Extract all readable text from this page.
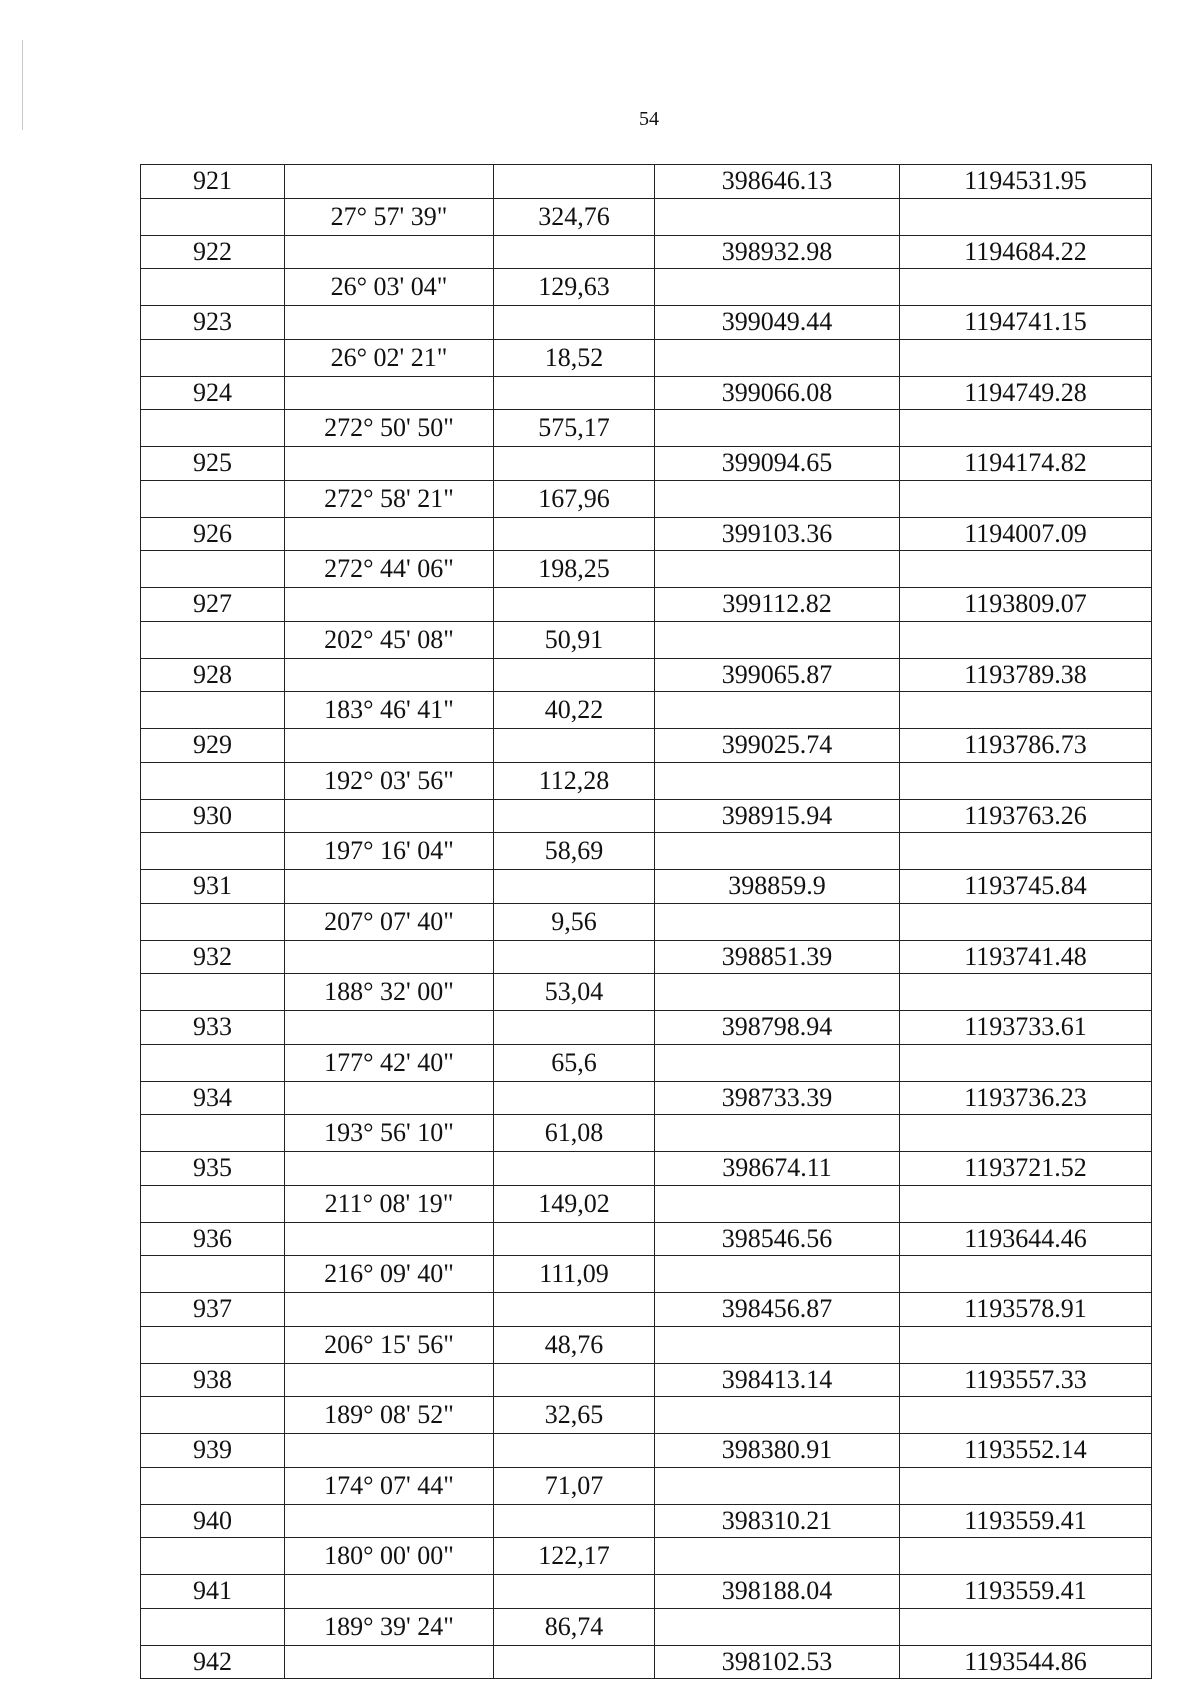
54
921			398646.13	1194531.95
	27° 57' 39"	324,76		
922			398932.98	1194684.22
	26° 03' 04"	129,63		
923			399049.44	1194741.15
	26° 02' 21"	18,52		
924			399066.08	1194749.28
	272° 50' 50"	575,17		
925			399094.65	1194174.82
	272° 58' 21"	167,96		
926			399103.36	1194007.09
	272° 44' 06"	198,25		
927			399112.82	1193809.07
	202° 45' 08"	50,91		
928			399065.87	1193789.38
	183° 46' 41"	40,22		
929			399025.74	1193786.73
	192° 03' 56"	112,28		
930			398915.94	1193763.26
	197° 16' 04"	58,69		
931			398859.9	1193745.84
	207° 07' 40"	9,56		
932			398851.39	1193741.48
	188° 32' 00"	53,04		
933			398798.94	1193733.61
	177° 42' 40"	65,6		
934			398733.39	1193736.23
	193° 56' 10"	61,08		
935			398674.11	1193721.52
	211° 08' 19"	149,02		
936			398546.56	1193644.46
	216° 09' 40"	111,09		
937			398456.87	1193578.91
	206° 15' 56"	48,76		
938			398413.14	1193557.33
	189° 08' 52"	32,65		
939			398380.91	1193552.14
	174° 07' 44"	71,07		
940			398310.21	1193559.41
	180° 00' 00"	122,17		
941			398188.04	1193559.41
	189° 39' 24"	86,74		
942			398102.53	1193544.86
